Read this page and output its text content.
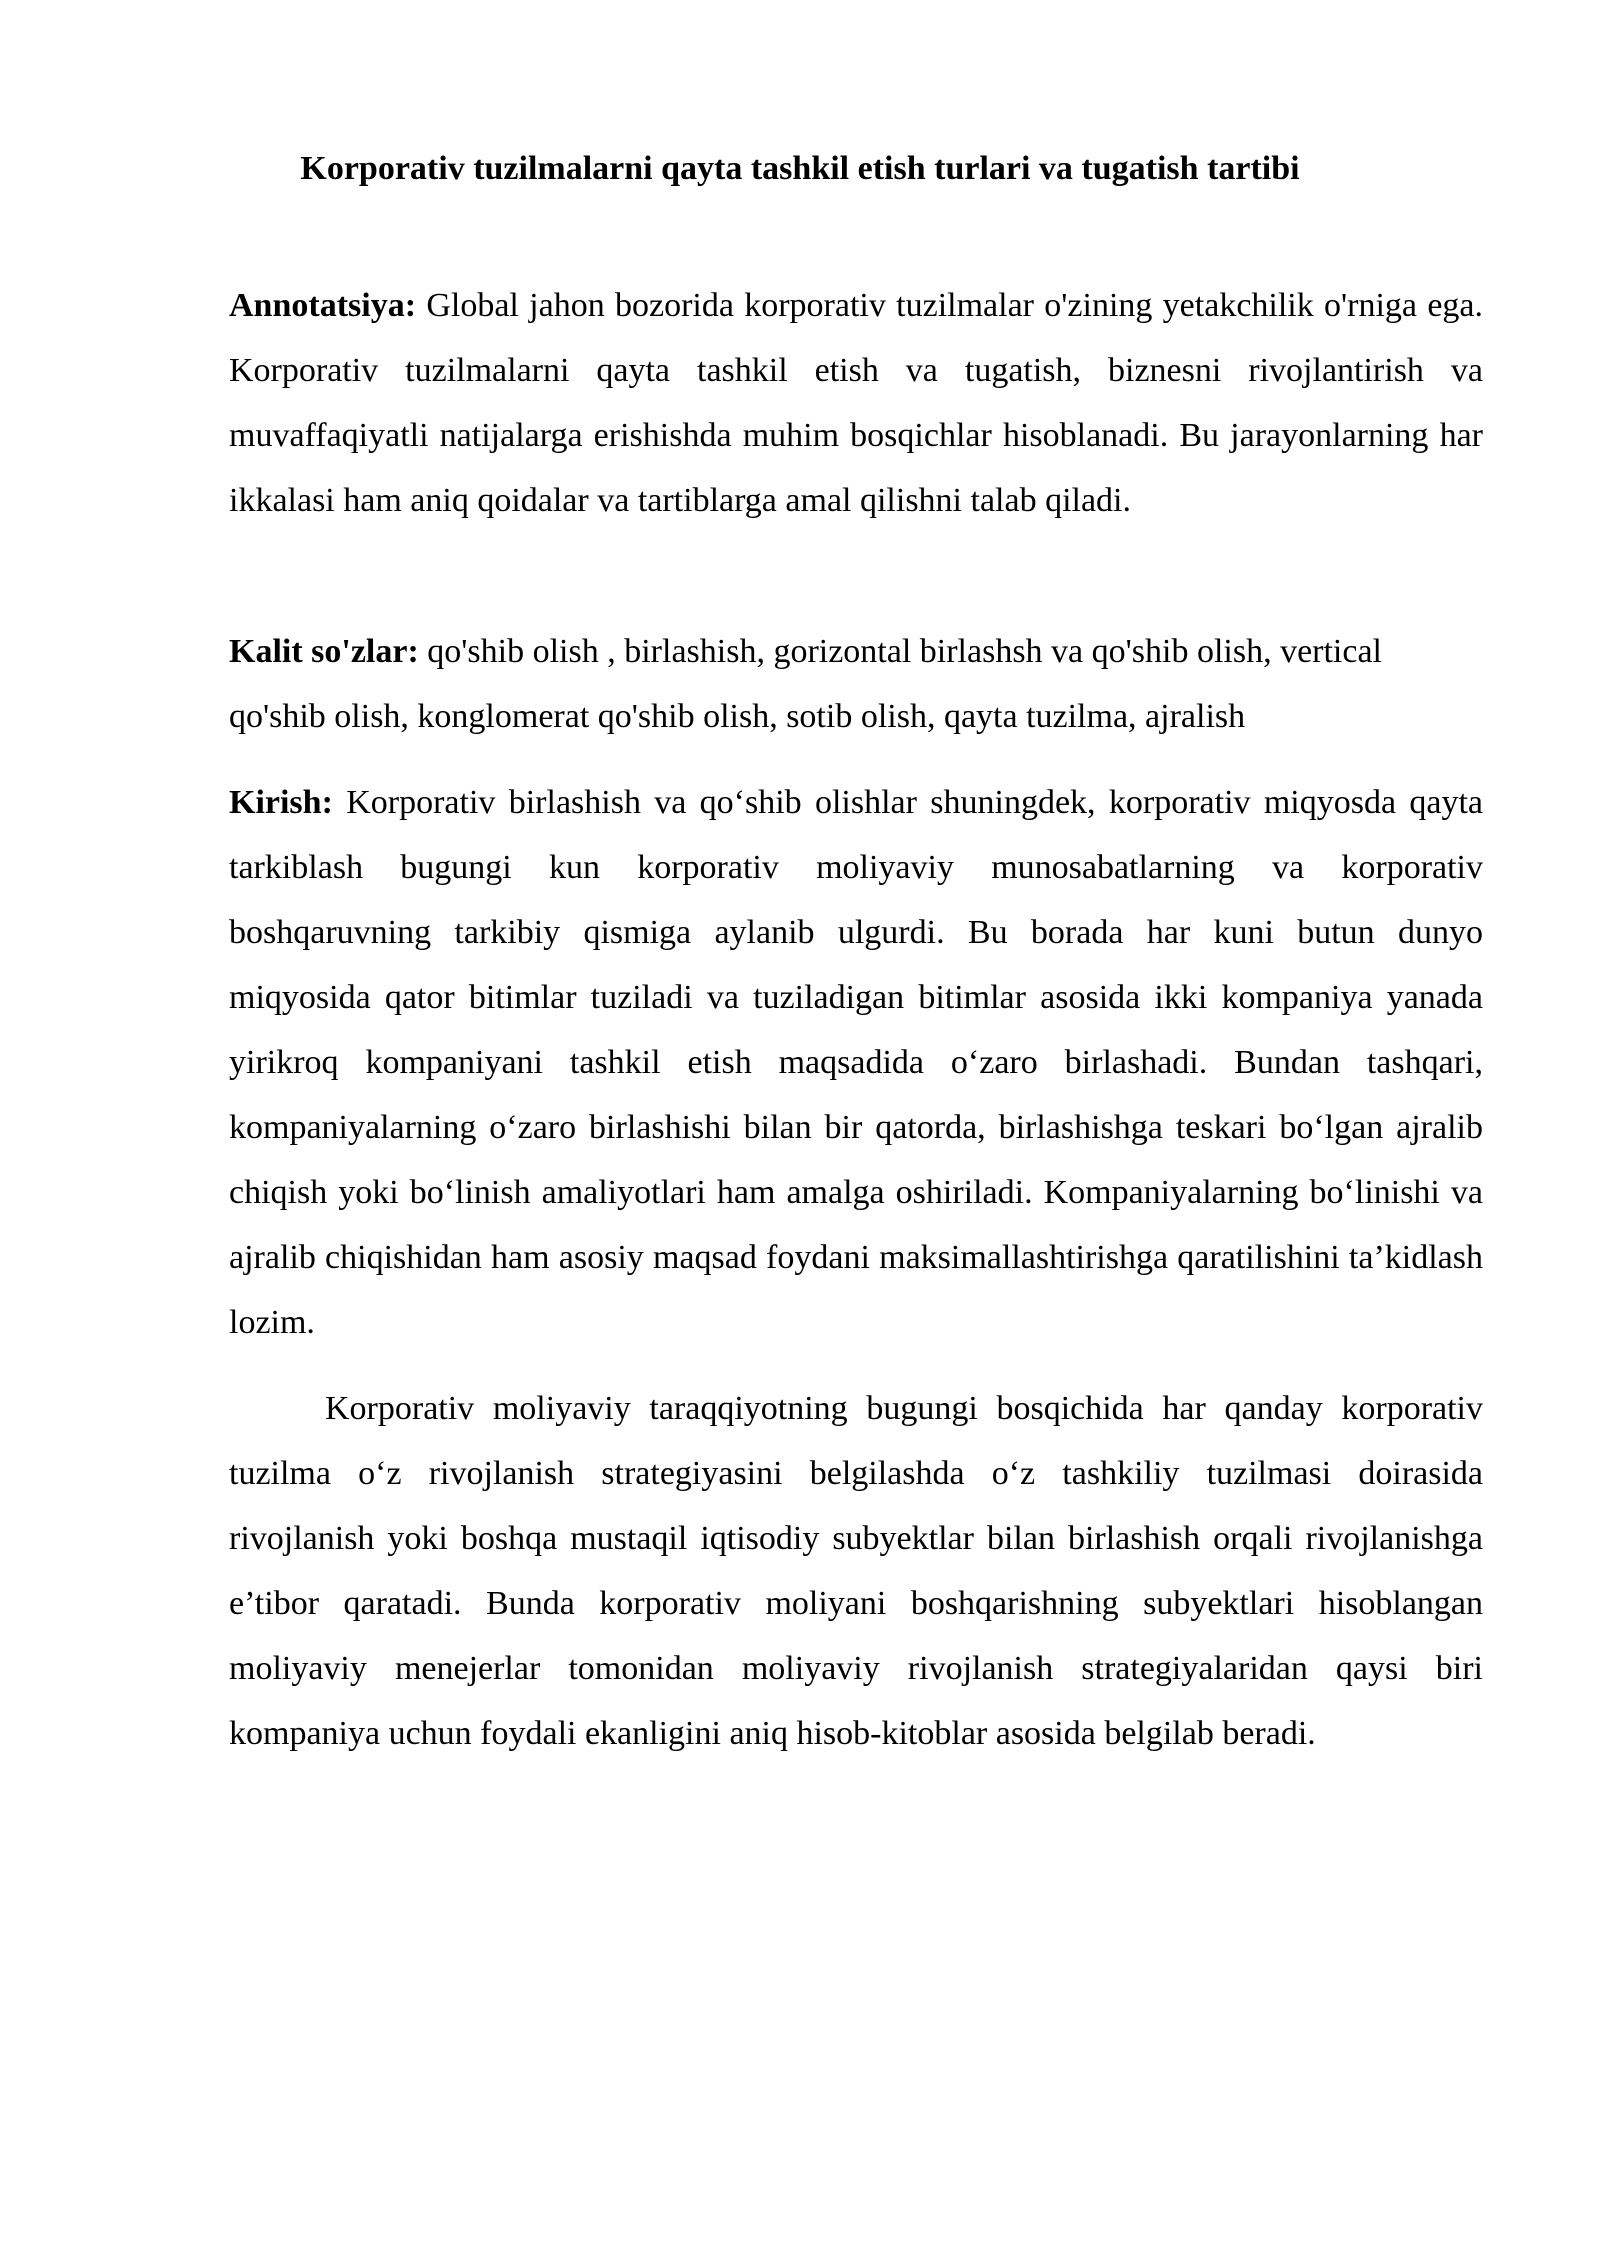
Korporativ tuzilmalarni qayta tashkil etish turlari va tugatish tartibi

Annotatsiya: Global jahon bozorida korporativ tuzilmalar o'zining yetakchilik o'rniga ega. Korporativ tuzilmalarni qayta tashkil etish va tugatish, biznesni rivojlantirish va muvaffaqiyatli natijalarga erishishda muhim bosqichlar hisoblanadi. Bu jarayonlarning har ikkalasi ham aniq qoidalar va tartiblarga amal qilishni talab qiladi.

Kalit so'zlar: qo'shib olish , birlashish, gorizontal birlashsh va qo'shib olish, vertical qo'shib olish, konglomerat qo'shib olish, sotib olish, qayta tuzilma, ajralish

Kirish: Korporativ birlashish va qo‘shib olishlar shuningdek, korporativ miqyosda qayta tarkiblash bugungi kun korporativ moliyaviy munosabatlarning va korporativ boshqaruvning tarkibiy qismiga aylanib ulgurdi. Bu borada har kuni butun dunyo miqyosida qator bitimlar tuziladi va tuziladigan bitimlar asosida ikki kompaniya yanada yirikroq kompaniyani tashkil etish maqsadida o‘zaro birlashadi. Bundan tashqari, kompaniyalarning o‘zaro birlashishi bilan bir qatorda, birlashishga teskari bo‘lgan ajralib chiqish yoki bo‘linish amaliyotlari ham amalga oshiriladi. Kompaniyalarning bo‘linishi va ajralib chiqishidan ham asosiy maqsad foydani maksimallashtirishga qaratilishini ta’kidlash lozim.

Korporativ moliyaviy taraqqiyotning bugungi bosqichida har qanday korporativ tuzilma o‘z rivojlanish strategiyasini belgilashda o‘z tashkiliy tuzilmasi doirasida rivojlanish yoki boshqa mustaqil iqtisodiy subyektlar bilan birlashish orqali rivojlanishga e’tibor qaratadi. Bunda korporativ moliyani boshqarishning subyektlari hisoblangan moliyaviy menejerlar tomonidan moliyaviy rivojlanish strategiyalaridan qaysi biri kompaniya uchun foydali ekanligini aniq hisob-kitoblar asosida belgilab beradi.
